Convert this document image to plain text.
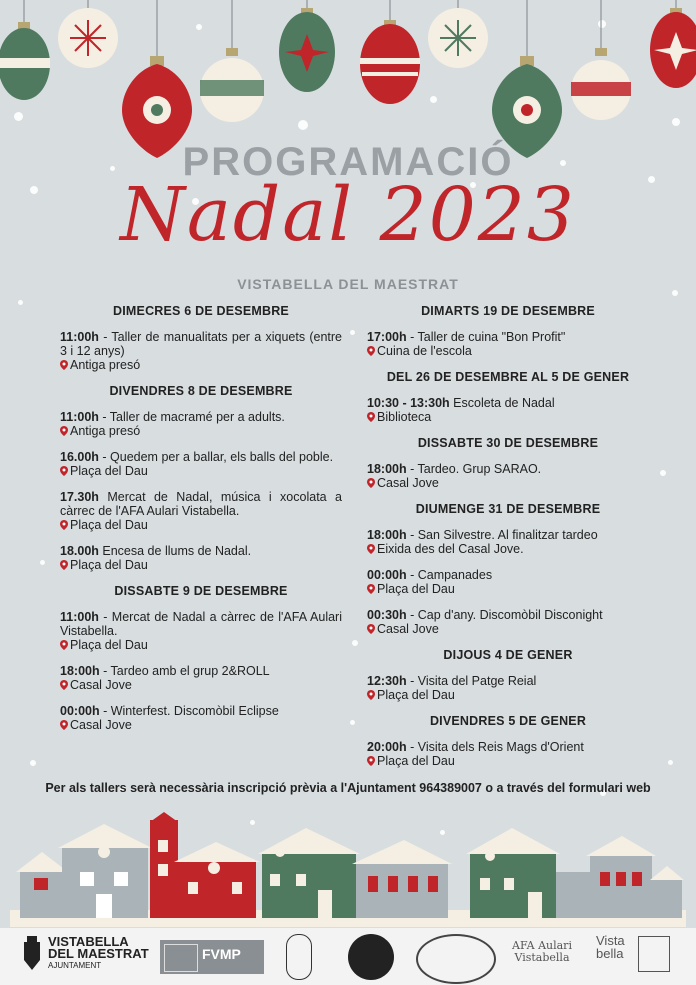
PROGRAMACIÓ
Nadal 2023
VISTABELLA DEL MAESTRAT
DIMECRES 6 DE DESEMBRE
11:00h - Taller de manualitats per a xiquets (entre 3 i 12 anys)
Antiga presó
DIVENDRES 8 DE DESEMBRE
11:00h - Taller de macramé per a adults.
Antiga presó
16.00h - Quedem per a ballar, els balls del poble.
Plaça del Dau
17.30h Mercat de Nadal, música i xocolata a càrrec de l'AFA Aulari Vistabella.
Plaça del Dau
18.00h Encesa de llums de Nadal.
Plaça del Dau
DISSABTE 9 DE DESEMBRE
11:00h - Mercat de Nadal a càrrec de l'AFA Aulari Vistabella.
Plaça del Dau
18:00h - Tardeo amb el grup 2&ROLL
Casal Jove
00:00h - Winterfest. Discomòbil Eclipse
Casal Jove
DIMARTS 19 DE DESEMBRE
17:00h - Taller de cuina "Bon Profit"
Cuina de l'escola
DEL 26 DE DESEMBRE AL 5 DE GENER
10:30 - 13:30h Escoleta de Nadal
Biblioteca
DISSABTE 30 DE DESEMBRE
18:00h - Tardeo. Grup SARAO.
Casal Jove
DIUMENGE 31 DE DESEMBRE
18:00h - San Silvestre. Al finalitzar tardeo
Eixida des del Casal Jove.
00:00h - Campanades
Plaça del Dau
00:30h - Cap d'any. Discomòbil Disconight
Casal Jove
DIJOUS 4 DE GENER
12:30h - Visita del Patge Reial
Plaça del Dau
DIVENDRES 5 DE GENER
20:00h - Visita dels Reis Mags d'Orient
Plaça del Dau
Per als tallers serà necessària inscripció prèvia a l'Ajuntament 964389007 o a través del formulari web
VISTABELLA
DEL MAESTRAT
AJUNTAMENT
FVMP
AFA Aulari
Vistabella
Vista
bella
